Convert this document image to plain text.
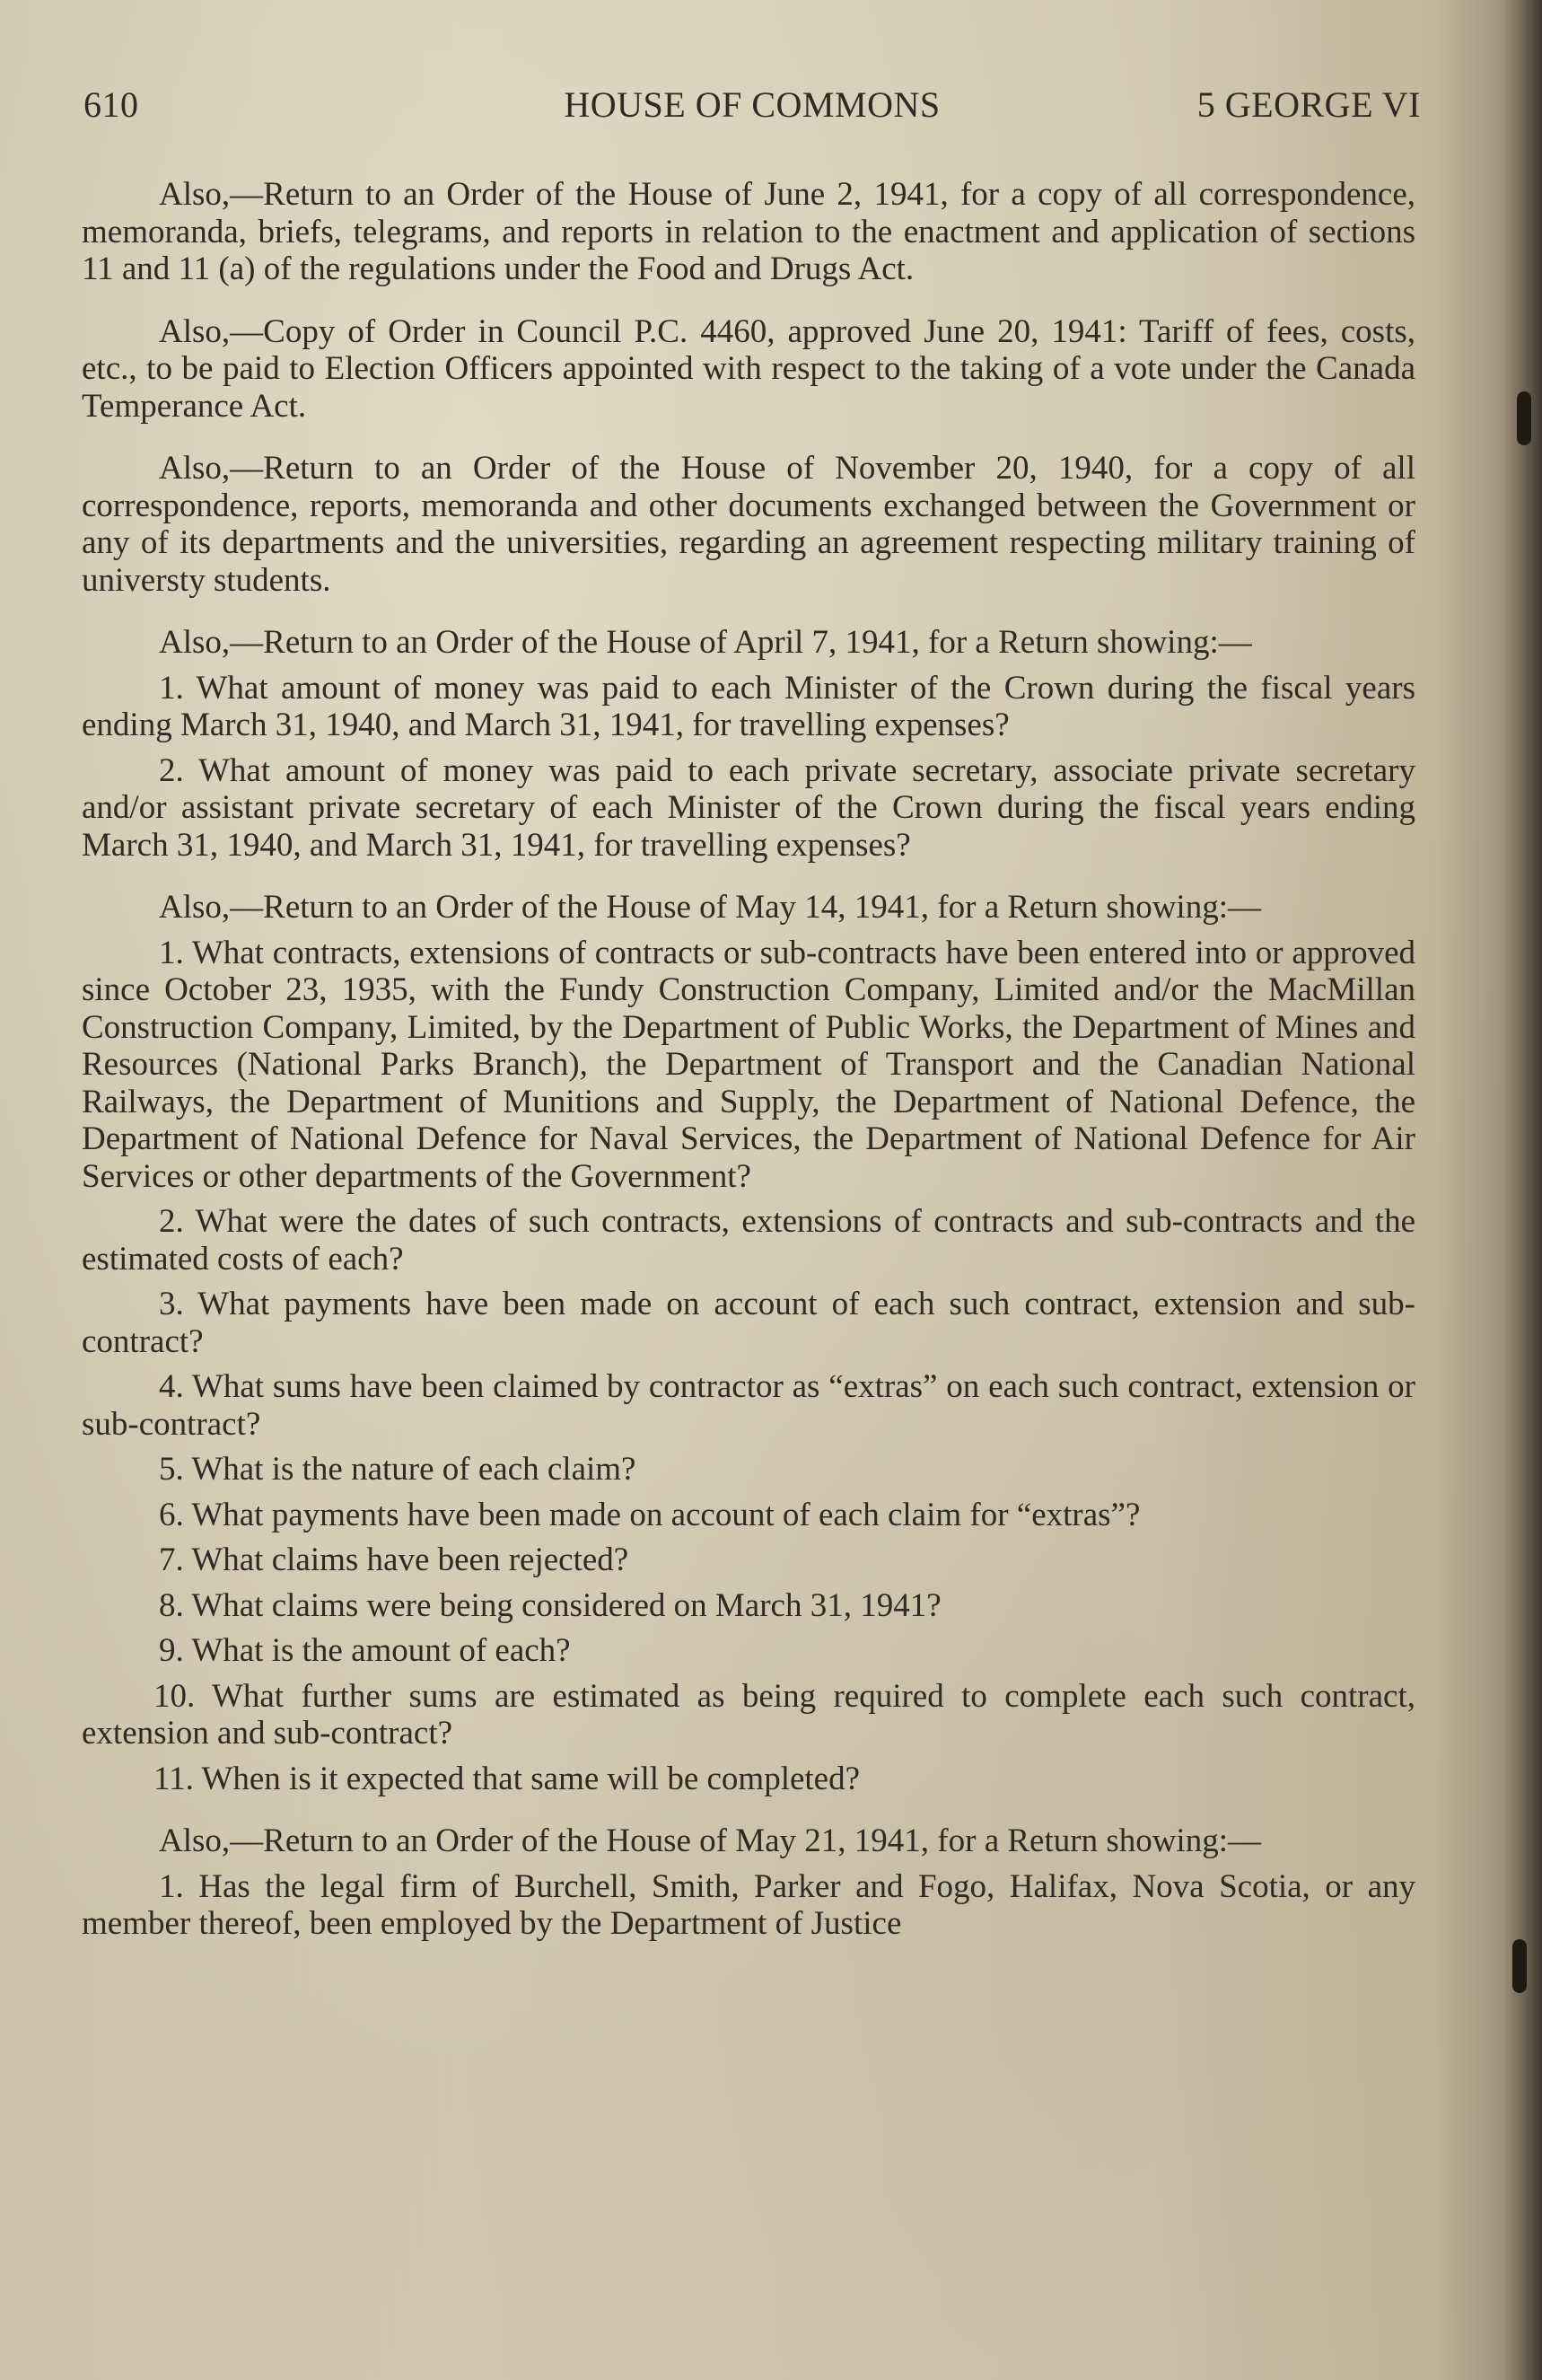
610	HOUSE OF COMMONS	5 GEORGE VI

Also,—Return to an Order of the House of June 2, 1941, for a copy of all correspondence, memoranda, briefs, telegrams, and reports in relation to the enactment and application of sections 11 and 11 (a) of the regulations under the Food and Drugs Act.

Also,—Copy of Order in Council P.C. 4460, approved June 20, 1941: Tariff of fees, costs, etc., to be paid to Election Officers appointed with respect to the taking of a vote under the Canada Temperance Act.

Also,—Return to an Order of the House of November 20, 1940, for a copy of all correspondence, reports, memoranda and other documents exchanged between the Government or any of its departments and the universities, regarding an agreement respecting military training of universty students.

Also,—Return to an Order of the House of April 7, 1941, for a Return showing:—

1. What amount of money was paid to each Minister of the Crown during the fiscal years ending March 31, 1940, and March 31, 1941, for travelling expenses?

2. What amount of money was paid to each private secretary, associate private secretary and/or assistant private secretary of each Minister of the Crown during the fiscal years ending March 31, 1940, and March 31, 1941, for travelling expenses?

Also,—Return to an Order of the House of May 14, 1941, for a Return showing:—

1. What contracts, extensions of contracts or sub-contracts have been entered into or approved since October 23, 1935, with the Fundy Construction Company, Limited and/or the MacMillan Construction Company, Limited, by the Department of Public Works, the Department of Mines and Resources (National Parks Branch), the Department of Transport and the Canadian National Railways, the Department of Munitions and Supply, the Department of National Defence, the Department of National Defence for Naval Services, the Department of National Defence for Air Services or other departments of the Government?

2. What were the dates of such contracts, extensions of contracts and sub-contracts and the estimated costs of each?

3. What payments have been made on account of each such contract, extension and sub-contract?

4. What sums have been claimed by contractor as “extras” on each such contract, extension or sub-contract?

5. What is the nature of each claim?

6. What payments have been made on account of each claim for “extras”?

7. What claims have been rejected?

8. What claims were being considered on March 31, 1941?

9. What is the amount of each?

10. What further sums are estimated as being required to complete each such contract, extension and sub-contract?

11. When is it expected that same will be completed?

Also,—Return to an Order of the House of May 21, 1941, for a Return showing:—

1. Has the legal firm of Burchell, Smith, Parker and Fogo, Halifax, Nova Scotia, or any member thereof, been employed by the Department of Justice
